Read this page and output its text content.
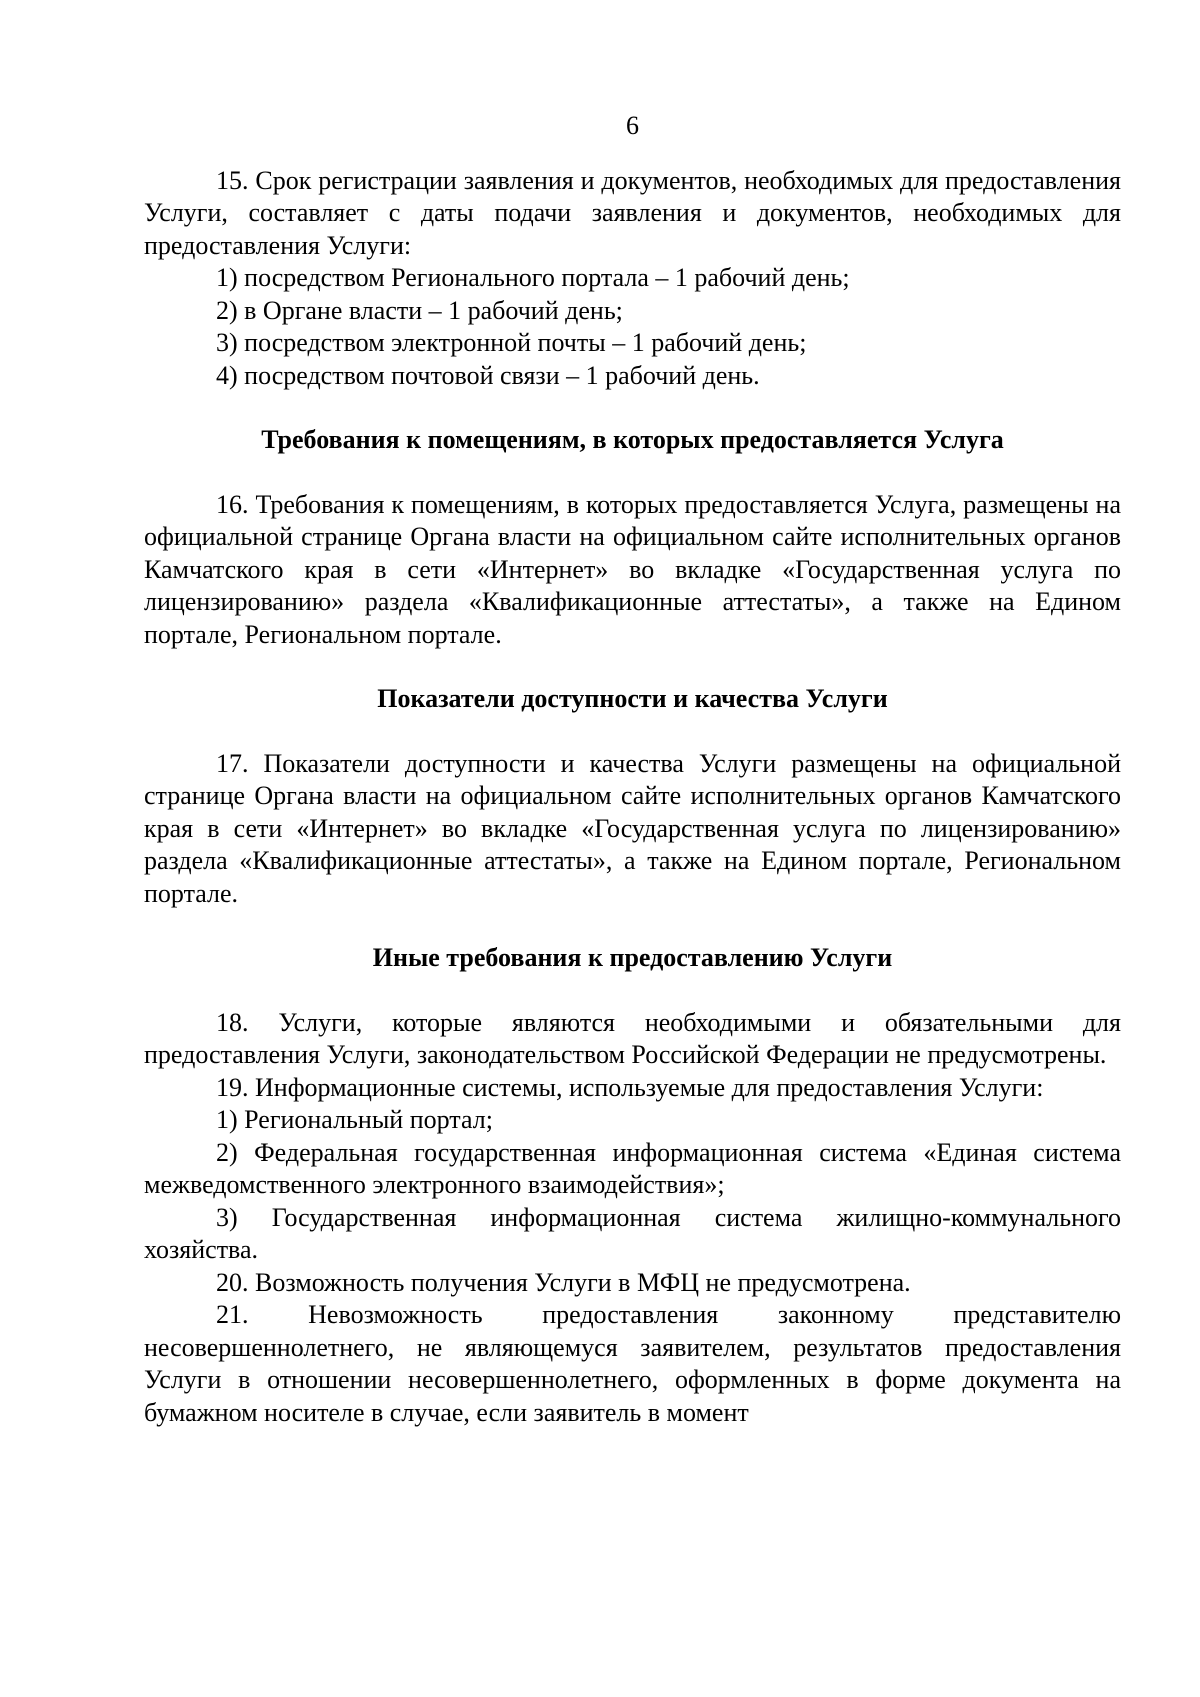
6

15. Срок регистрации заявления и документов, необходимых для предоставления Услуги, составляет с даты подачи заявления и документов, необходимых для предоставления Услуги:

1) посредством Регионального портала – 1 рабочий день;

2) в Органе власти – 1 рабочий день;

3) посредством электронной почты – 1 рабочий день;

4) посредством почтовой связи – 1 рабочий день.

Требования к помещениям, в которых предоставляется Услуга

16. Требования к помещениям, в которых предоставляется Услуга, размещены на официальной странице Органа власти на официальном сайте исполнительных органов Камчатского края в сети «Интернет» во вкладке «Государственная услуга по лицензированию» раздела «Квалификационные аттестаты», а также на Едином портале, Региональном портале.

Показатели доступности и качества Услуги

17. Показатели доступности и качества Услуги размещены на официальной странице Органа власти на официальном сайте исполнительных органов Камчатского края в сети «Интернет» во вкладке «Государственная услуга по лицензированию» раздела «Квалификационные аттестаты», а также на Едином портале, Региональном портале.

Иные требования к предоставлению Услуги

18. Услуги, которые являются необходимыми и обязательными для предоставления Услуги, законодательством Российской Федерации не предусмотрены.

19. Информационные системы, используемые для предоставления Услуги:

1) Региональный портал;

2) Федеральная государственная информационная система «Единая система межведомственного электронного взаимодействия»;

3) Государственная информационная система жилищно-коммунального хозяйства.

20. Возможность получения Услуги в МФЦ не предусмотрена.

21. Невозможность предоставления законному представителю несовершеннолетнего, не являющемуся заявителем, результатов предоставления Услуги в отношении несовершеннолетнего, оформленных в форме документа на бумажном носителе в случае, если заявитель в момент
